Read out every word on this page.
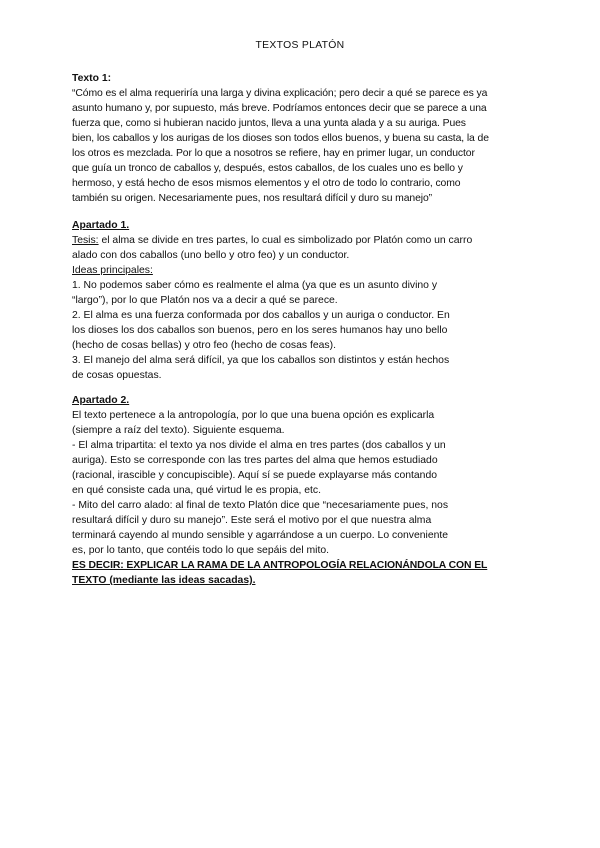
TEXTOS PLATÓN
Texto 1:
“Cómo es el alma requeriría una larga y divina explicación; pero decir a qué se parece es ya
asunto humano y, por supuesto, más breve. Podríamos entonces decir que se parece a una
fuerza que, como si hubieran nacido juntos, lleva a una yunta alada y a su auriga. Pues
bien, los caballos y los aurigas de los dioses son todos ellos buenos, y buena su casta, la de
los otros es mezclada. Por lo que a nosotros se refiere, hay en primer lugar, un conductor
que guía un tronco de caballos y, después, estos caballos, de los cuales uno es bello y
hermoso, y está hecho de esos mismos elementos y el otro de todo lo contrario, como
también su origen. Necesariamente pues, nos resultará difícil y duro su manejo”
Apartado 1.
Tesis: el alma se divide en tres partes, lo cual es simbolizado por Platón como un carro
alado con dos caballos (uno bello y otro feo) y un conductor.
Ideas principales:
1. No podemos saber cómo es realmente el alma (ya que es un asunto divino y
“largo”), por lo que Platón nos va a decir a qué se parece.
2. El alma es una fuerza conformada por dos caballos y un auriga o conductor. En
los dioses los dos caballos son buenos, pero en los seres humanos hay uno bello
(hecho de cosas bellas) y otro feo (hecho de cosas feas).
3. El manejo del alma será difícil, ya que los caballos son distintos y están hechos
de cosas opuestas.
Apartado 2.
El texto pertenece a la antropología, por lo que una buena opción es explicarla
(siempre a raíz del texto). Siguiente esquema.
- El alma tripartita: el texto ya nos divide el alma en tres partes (dos caballos y un
auriga). Esto se corresponde con las tres partes del alma que hemos estudiado
(racional, irascible y concupiscible). Aquí sí se puede explayarse más contando
en qué consiste cada una, qué virtud le es propia, etc.
- Mito del carro alado: al final de texto Platón dice que “necesariamente pues, nos
resultará difícil y duro su manejo”. Este será el motivo por el que nuestra alma
terminará cayendo al mundo sensible y agarrándose a un cuerpo. Lo conveniente
es, por lo tanto, que contéis todo lo que sepáis del mito.
ES DECIR: EXPLICAR LA RAMA DE LA ANTROPOLOGÍA RELACIONÁNDOLA CON EL
TEXTO (mediante las ideas sacadas).
